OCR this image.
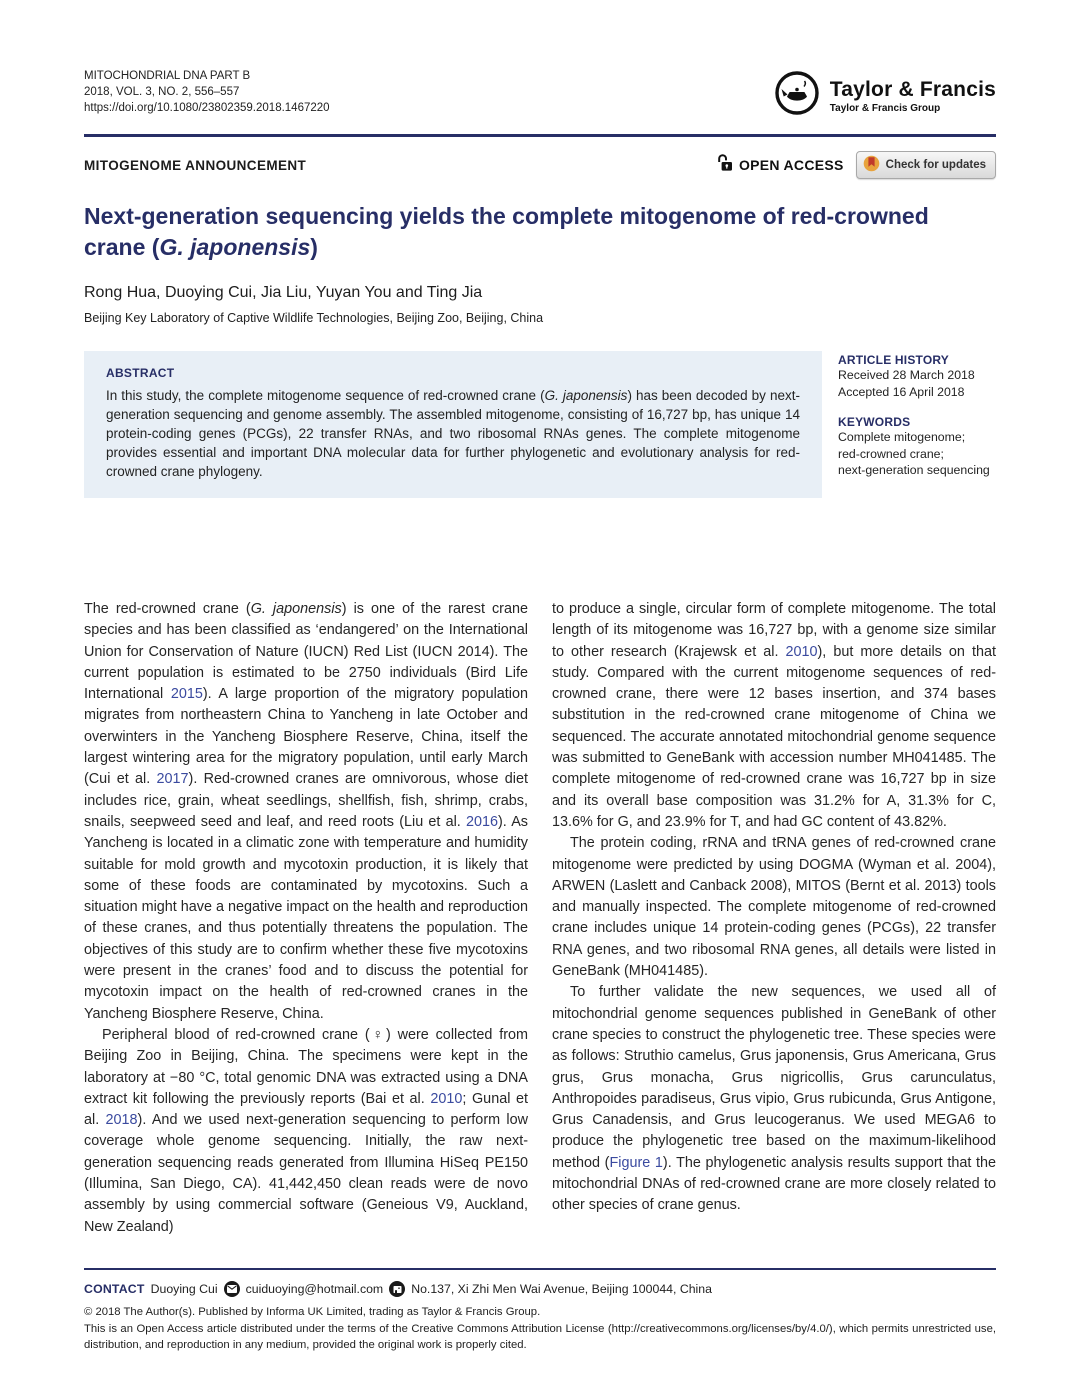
MITOCHONDRIAL DNA PART B
2018, VOL. 3, NO. 2, 556–557
https://doi.org/10.1080/23802359.2018.1467220
Taylor & Francis
Taylor & Francis Group
MITOGENOME ANNOUNCEMENT	OPEN ACCESS	Check for updates
Next-generation sequencing yields the complete mitogenome of red-crowned crane (G. japonensis)
Rong Hua, Duoying Cui, Jia Liu, Yuyan You and Ting Jia
Beijing Key Laboratory of Captive Wildlife Technologies, Beijing Zoo, Beijing, China
ABSTRACT
In this study, the complete mitogenome sequence of red-crowned crane (G. japonensis) has been decoded by next-generation sequencing and genome assembly. The assembled mitogenome, consisting of 16,727 bp, has unique 14 protein-coding genes (PCGs), 22 transfer RNAs, and two ribosomal RNAs genes. The complete mitogenome provides essential and important DNA molecular data for further phylogenetic and evolutionary analysis for red-crowned crane phylogeny.
ARTICLE HISTORY
Received 28 March 2018
Accepted 16 April 2018
KEYWORDS
Complete mitogenome;
red-crowned crane;
next-generation sequencing

The red-crowned crane (G. japonensis) is one of the rarest crane species and has been classified as ‘endangered’ on the International Union for Conservation of Nature (IUCN) Red List (IUCN 2014). The current population is estimated to be 2750 individuals (Bird Life International 2015). A large proportion of the migratory population migrates from northeastern China to Yancheng in late October and overwinters in the Yancheng Biosphere Reserve, China, itself the largest wintering area for the migratory population, until early March (Cui et al. 2017). Red-crowned cranes are omnivorous, whose diet includes rice, grain, wheat seedlings, shellfish, fish, shrimp, crabs, snails, seepweed seed and leaf, and reed roots (Liu et al. 2016). As Yancheng is located in a climatic zone with temperature and humidity suitable for mold growth and mycotoxin production, it is likely that some of these foods are contaminated by mycotoxins. Such a situation might have a negative impact on the health and reproduction of these cranes, and thus potentially threatens the population. The objectives of this study are to confirm whether these five mycotoxins were present in the cranes’ food and to discuss the potential for mycotoxin impact on the health of red-crowned cranes in the Yancheng Biosphere Reserve, China.

Peripheral blood of red-crowned crane (♀) were collected from Beijing Zoo in Beijing, China. The specimens were kept in the laboratory at −80 °C, total genomic DNA was extracted using a DNA extract kit following the previously reports (Bai et al. 2010; Gunal et al. 2018). And we used next-generation sequencing to perform low coverage whole genome sequencing. Initially, the raw next-generation sequencing reads generated from Illumina HiSeq PE150 (Illumina, San Diego, CA). 41,442,450 clean reads were de novo assembly by using commercial software (Geneious V9, Auckland, New Zealand)

to produce a single, circular form of complete mitogenome. The total length of its mitogenome was 16,727 bp, with a genome size similar to other research (Krajewsk et al. 2010), but more details on that study. Compared with the current mitogenome sequences of red-crowned crane, there were 12 bases insertion, and 374 bases substitution in the red-crowned crane mitogenome of China we sequenced. The accurate annotated mitochondrial genome sequence was submitted to GeneBank with accession number MH041485. The complete mitogenome of red-crowned crane was 16,727 bp in size and its overall base composition was 31.2% for A, 31.3% for C, 13.6% for G, and 23.9% for T, and had GC content of 43.82%.

The protein coding, rRNA and tRNA genes of red-crowned crane mitogenome were predicted by using DOGMA (Wyman et al. 2004), ARWEN (Laslett and Canback 2008), MITOS (Bernt et al. 2013) tools and manually inspected. The complete mitogenome of red-crowned crane includes unique 14 protein-coding genes (PCGs), 22 transfer RNA genes, and two ribosomal RNA genes, all details were listed in GeneBank (MH041485).

To further validate the new sequences, we used all of mitochondrial genome sequences published in GeneBank of other crane species to construct the phylogenetic tree. These species were as follows: Struthio camelus, Grus japonensis, Grus Americana, Grus grus, Grus monacha, Grus nigricollis, Grus carunculatus, Anthropoides paradiseus, Grus vipio, Grus rubicunda, Grus Antigone, Grus Canadensis, and Grus leucogeranus. We used MEGA6 to produce the phylogenetic tree based on the maximum-likelihood method (Figure 1). The phylogenetic analysis results support that the mitochondrial DNAs of red-crowned crane are more closely related to other species of crane genus.

CONTACT Duoying Cui cuiduoying@hotmail.com No.137, Xi Zhi Men Wai Avenue, Beijing 100044, China
© 2018 The Author(s). Published by Informa UK Limited, trading as Taylor & Francis Group.
This is an Open Access article distributed under the terms of the Creative Commons Attribution License (http://creativecommons.org/licenses/by/4.0/), which permits unrestricted use, distribution, and reproduction in any medium, provided the original work is properly cited.
